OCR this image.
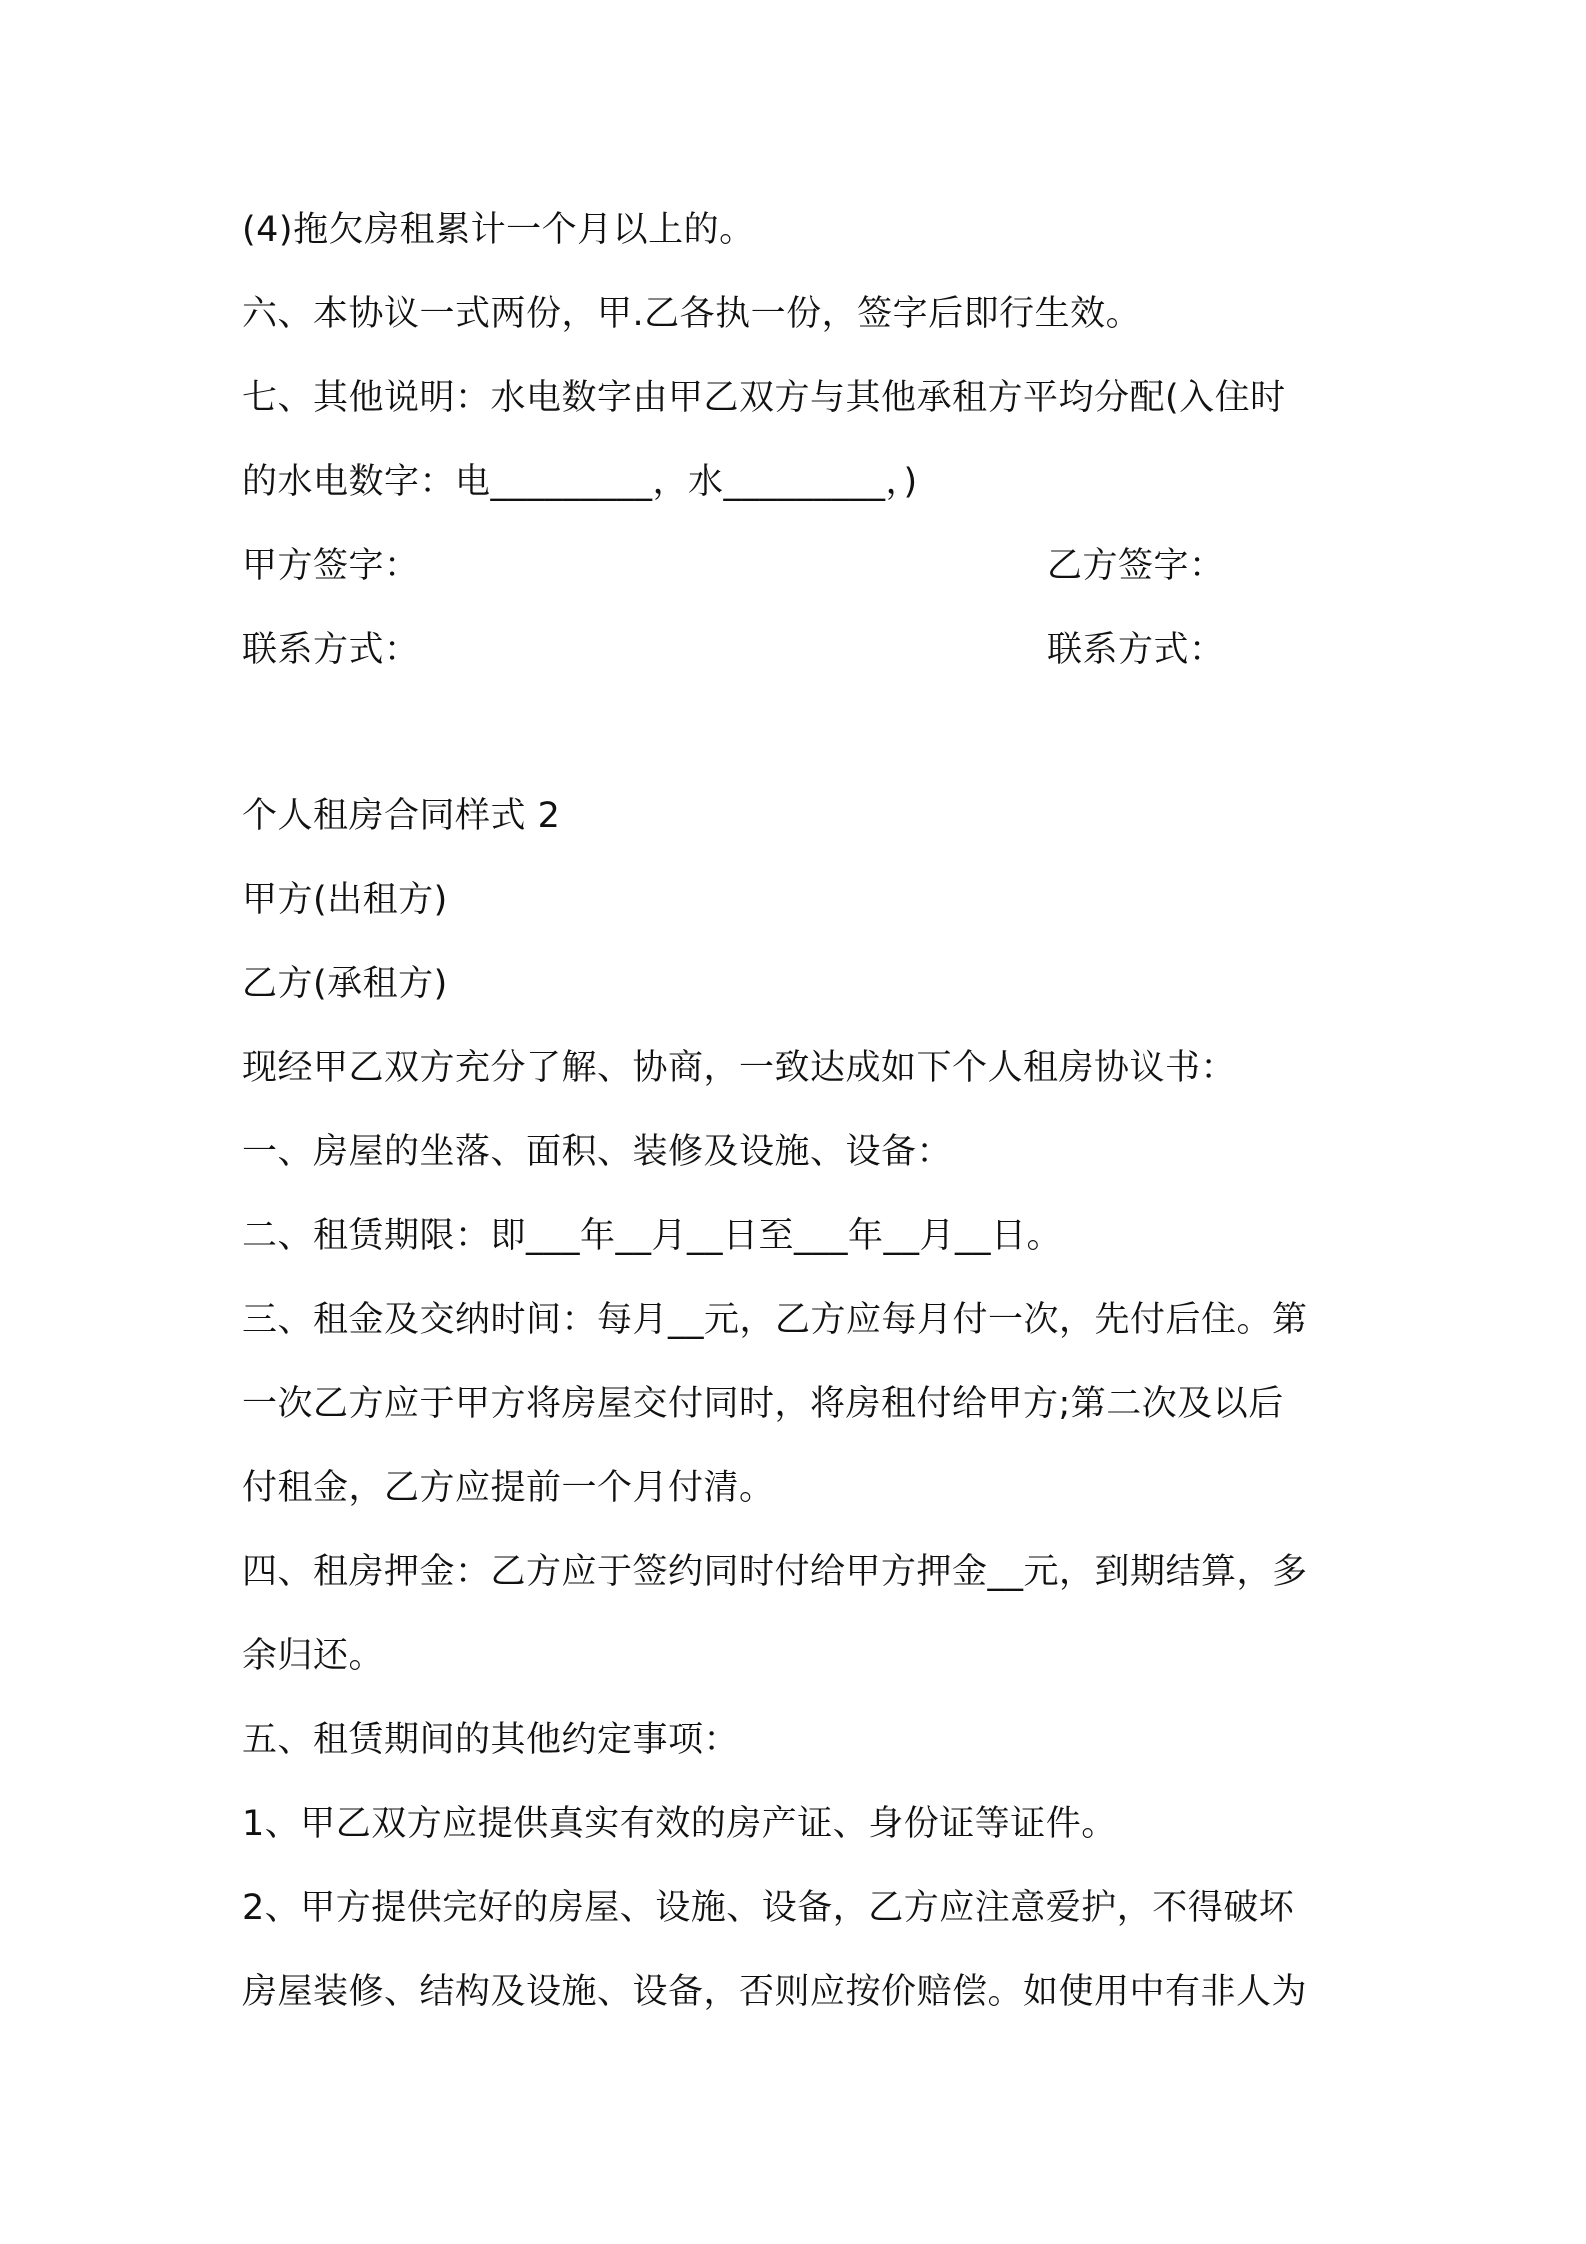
(4)拖欠房租累计一个月以上的。
六、本协议一式两份，甲.乙各执一份，签字后即行生效。
七、其他说明：水电数字由甲乙双方与其他承租方平均分配(入住时
的水电数字：电_________，水_________，)
甲方签字：	乙方签字：
联系方式：	联系方式：
个人租房合同样式 2
甲方(出租方)
乙方(承租方)
现经甲乙双方充分了解、协商，一致达成如下个人租房协议书：
一、房屋的坐落、面积、装修及设施、设备：
二、租赁期限：即___年__月__日至___年__月__日。
三、租金及交纳时间：每月__元，乙方应每月付一次，先付后住。第
一次乙方应于甲方将房屋交付同时，将房租付给甲方;第二次及以后
付租金，乙方应提前一个月付清。
四、租房押金：乙方应于签约同时付给甲方押金__元，到期结算，多
余归还。
五、租赁期间的其他约定事项：
1、甲乙双方应提供真实有效的房产证、身份证等证件。
2、甲方提供完好的房屋、设施、设备，乙方应注意爱护，不得破坏
房屋装修、结构及设施、设备，否则应按价赔偿。如使用中有非人为
